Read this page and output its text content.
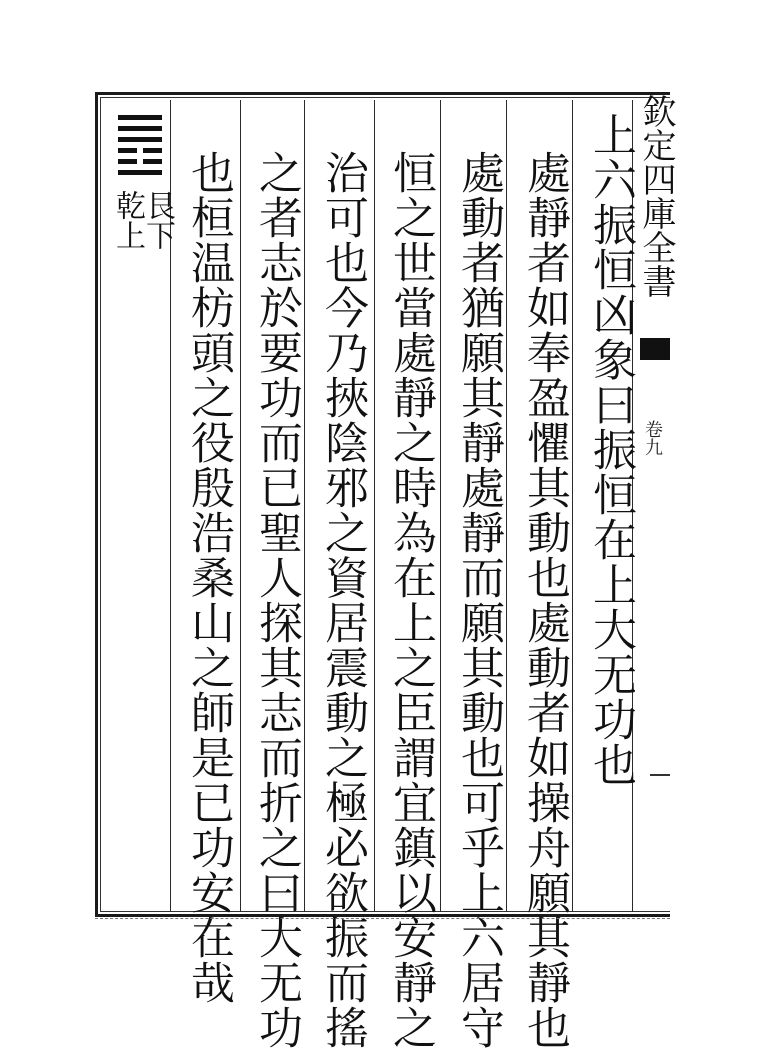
欽定四庫全書
卷九
上六振恒凶象曰振恒在上大无功也
處靜者如奉盈懼其動也處動者如操舟願其靜也
處動者猶願其靜處靜而願其動也可乎上六居守
恒之世當處靜之時為在上之臣謂宜鎮以安靜之
治可也今乃挾陰邪之資居震動之極必欲振而搖
之者志於要功而已聖人探其志而折之曰大无功
也桓温枋頭之役殷浩桑山之師是已功安在哉
艮下
乾上
